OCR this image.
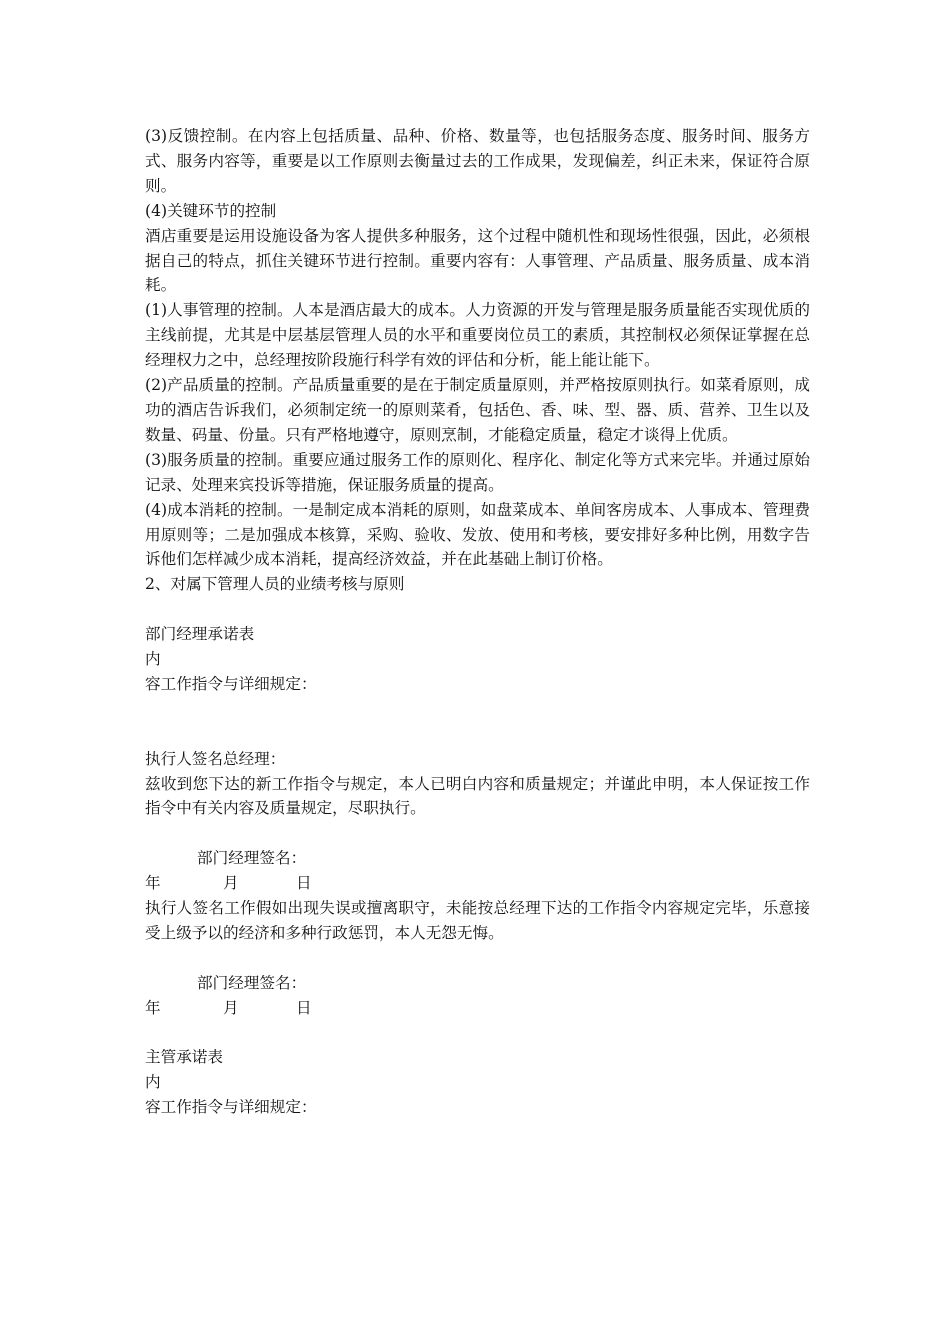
(3)反馈控制。在内容上包括质量、品种、价格、数量等，也包括服务态度、服务时间、服务方式、服务内容等，重要是以工作原则去衡量过去的工作成果，发现偏差，纠正未来，保证符合原则。

(4)关键环节的控制

酒店重要是运用设施设备为客人提供多种服务，这个过程中随机性和现场性很强，因此，必须根据自己的特点，抓住关键环节进行控制。重要内容有：人事管理、产品质量、服务质量、成本消耗。

(1)人事管理的控制。人本是酒店最大的成本。人力资源的开发与管理是服务质量能否实现优质的主线前提，尤其是中层基层管理人员的水平和重要岗位员工的素质，其控制权必须保证掌握在总经理权力之中，总经理按阶段施行科学有效的评估和分析，能上能让能下。

(2)产品质量的控制。产品质量重要的是在于制定质量原则，并严格按原则执行。如菜肴原则，成功的酒店告诉我们，必须制定统一的原则菜肴，包括色、香、味、型、器、质、营养、卫生以及数量、码量、份量。只有严格地遵守，原则烹制，才能稳定质量，稳定才谈得上优质。

(3)服务质量的控制。重要应通过服务工作的原则化、程序化、制定化等方式来完毕。并通过原始记录、处理来宾投诉等措施，保证服务质量的提高。

(4)成本消耗的控制。一是制定成本消耗的原则，如盘菜成本、单间客房成本、人事成本、管理费用原则等；二是加强成本核算，采购、验收、发放、使用和考核，要安排好多种比例，用数字告诉他们怎样减少成本消耗，提高经济效益，并在此基础上制订价格。

2、对属下管理人员的业绩考核与原则

部门经理承诺表

内

容工作指令与详细规定：

执行人签名总经理：

兹收到您下达的新工作指令与规定，本人已明白内容和质量规定；并谨此申明，本人保证按工作指令中有关内容及质量规定，尽职执行。

部门经理签名：

年	月	日

执行人签名工作假如出现失误或擅离职守，未能按总经理下达的工作指令内容规定完毕，乐意接受上级予以的经济和多种行政惩罚，本人无怨无悔。

部门经理签名：

年	月	日

主管承诺表

内

容工作指令与详细规定：
